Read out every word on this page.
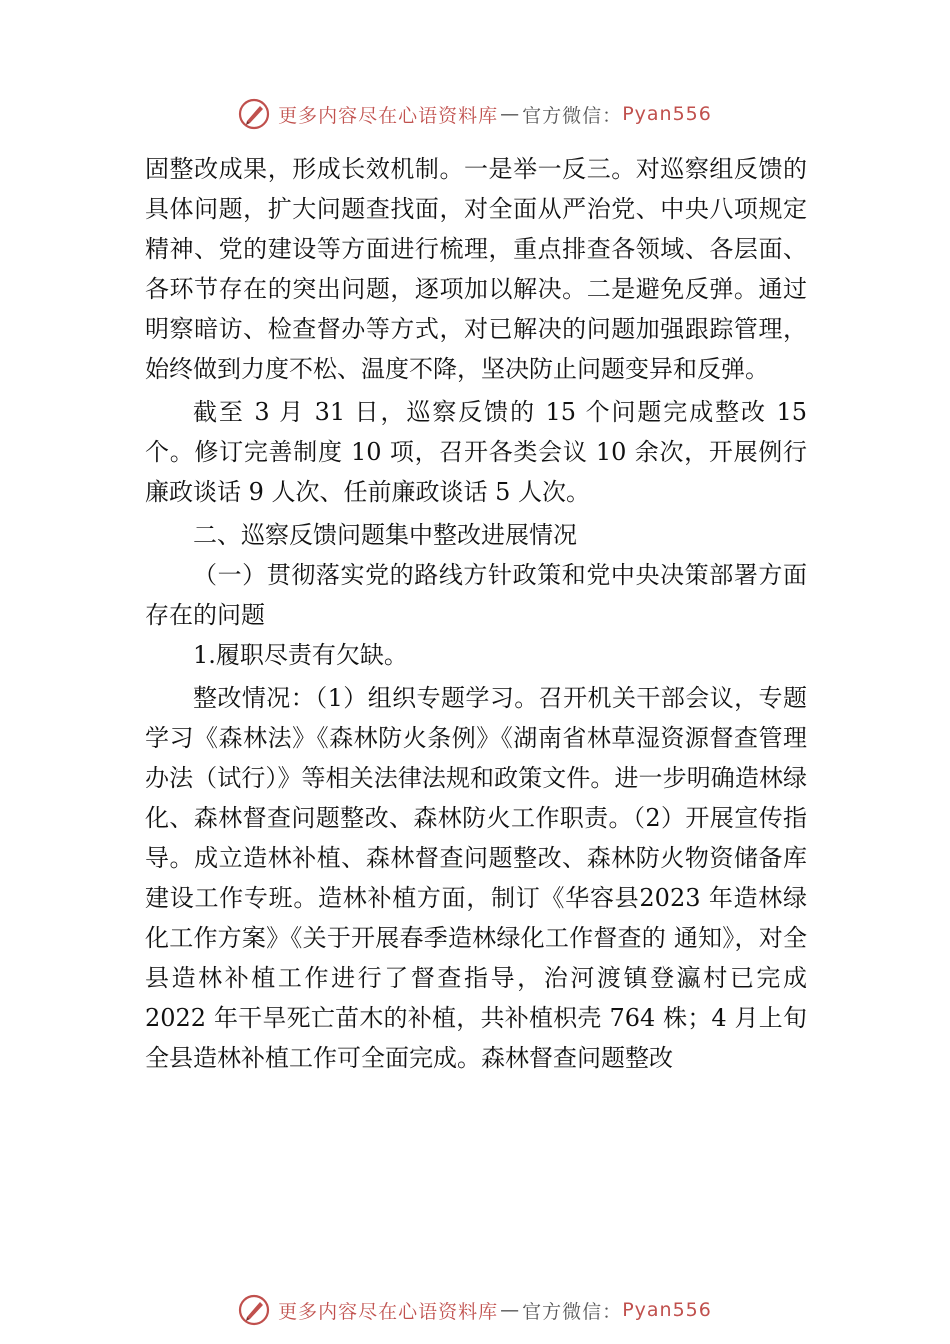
更多内容尽在心语资料库 — 官方微信： Pyan556

固整改成果，形成长效机制。一是举一反三。对巡察组反馈的具体问题，扩大问题查找面，对全面从严治党、中央八项规定精神、党的建设等方面进行梳理，重点排查各领域、各层面、各环节存在的突出问题，逐项加以解决。二是避免反弹。通过明察暗访、检查督办等方式，对已解决的问题加强跟踪管理，始终做到力度不松、温度不降，坚决防止问题变异和反弹。

截至 3 月 31 日，巡察反馈的 15 个问题完成整改 15 个。修订完善制度 10 项，召开各类会议 10 余次，开展例行廉政谈话 9 人次、任前廉政谈话 5 人次。

二、巡察反馈问题集中整改进展情况

（一）贯彻落实党的路线方针政策和党中央决策部署方面存在的问题

1.履职尽责有欠缺。

整改情况：（1）组织专题学习。召开机关干部会议，专题学习《森林法》《森林防火条例》《湖南省林草湿资源督查管理办法（试行）》等相关法律法规和政策文件。进一步明确造林绿化、森林督查问题整改、森林防火工作职责。（2）开展宣传指导。成立造林补植、森林督查问题整改、森林防火物资储备库建设工作专班。造林补植方面，制订《华容县2023 年造林绿化工作方案》《关于开展春季造林绿化工作督查的 通知》，对全县造林补植工作进行了督查指导，治河渡镇登瀛村已完成 2022 年干旱死亡苗木的补植，共补植枳壳 764 株；4 月上旬全县造林补植工作可全面完成。森林督查问题整改

更多内容尽在心语资料库 — 官方微信： Pyan556
